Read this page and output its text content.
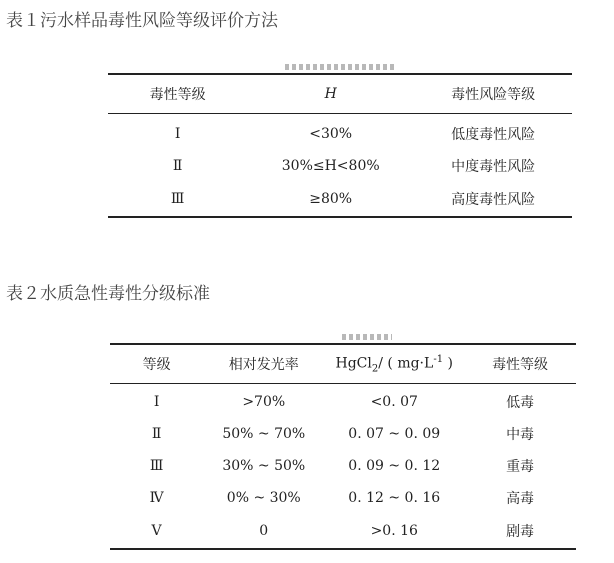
表１污水样品毒性风险等级评价方法
毒性等级	H	毒性风险等级
Ⅰ	<30%	低度毒性风险
Ⅱ	30%≤H<80%	中度毒性风险
Ⅲ	≥80%	高度毒性风险
表２水质急性毒性分级标准
等级	相对发光率	HgCl$_2$/ ( $mg\cdot L^{-1}$ )	毒性等级
Ⅰ	>70%	<0. 07	低毒
Ⅱ	50% ~ 70%	0. 07 ~ 0. 09	中毒
Ⅲ	30% ~ 50%	0. 09 ~ 0. 12	重毒
Ⅳ	0% ~ 30%	0. 12 ~ 0. 16	高毒
Ⅴ	0	>0. 16	剧毒
